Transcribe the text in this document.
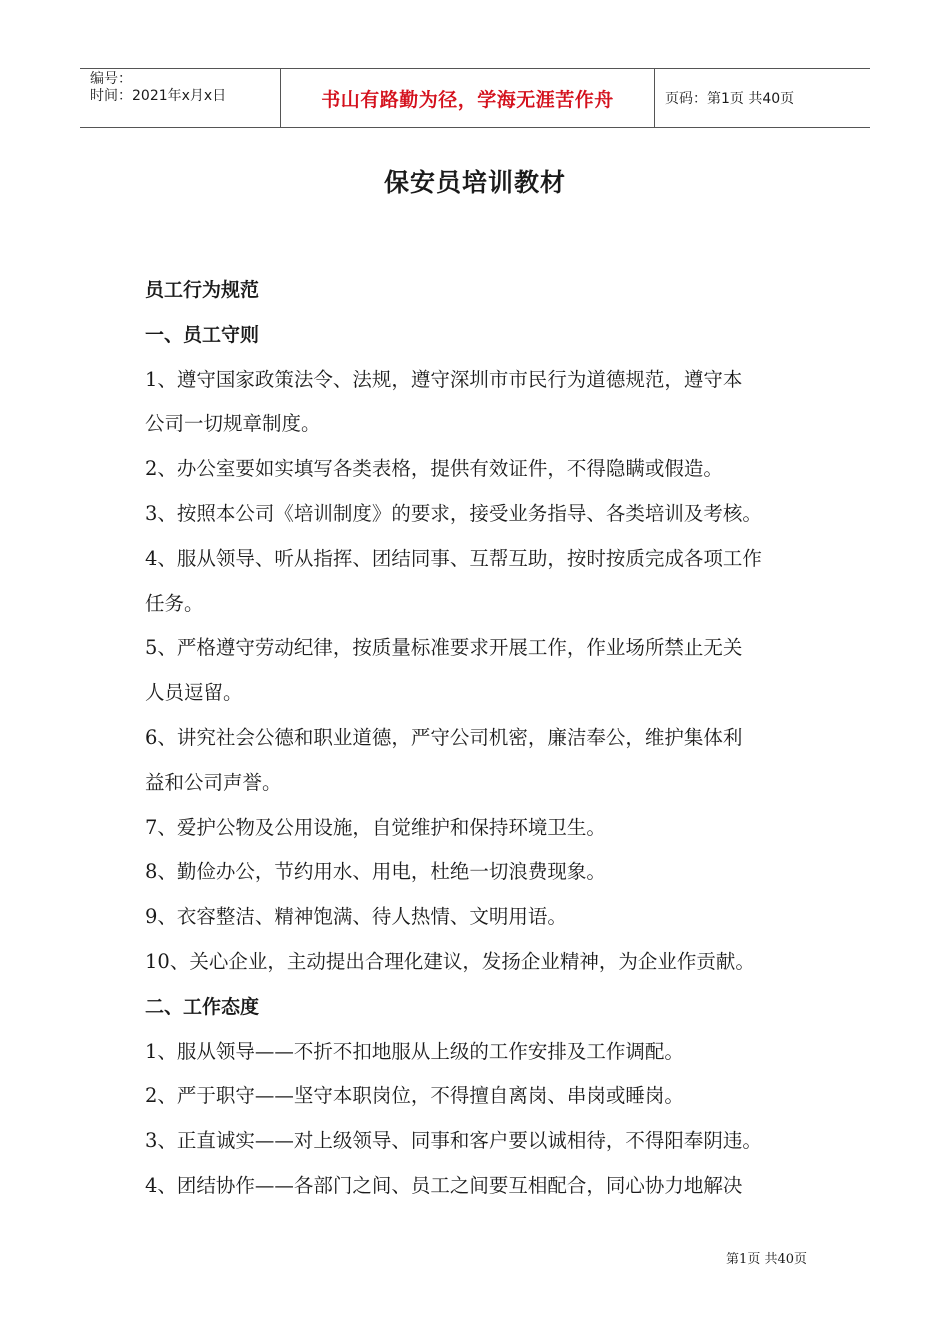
编号：
时间：2021年x月x日	书山有路勤为径，学海无涯苦作舟	页码：第1页 共40页
保安员培训教材
员工行为规范
一、员工守则
1、遵守国家政策法令、法规，遵守深圳市市民行为道德规范，遵守本
公司一切规章制度。
2、办公室要如实填写各类表格，提供有效证件，不得隐瞒或假造。
3、按照本公司《培训制度》的要求，接受业务指导、各类培训及考核。
4、服从领导、听从指挥、团结同事、互帮互助，按时按质完成各项工作
任务。
5、严格遵守劳动纪律，按质量标准要求开展工作，作业场所禁止无关
人员逗留。
6、讲究社会公德和职业道德，严守公司机密，廉洁奉公，维护集体利
益和公司声誉。
7、爱护公物及公用设施，自觉维护和保持环境卫生。
8、勤俭办公，节约用水、用电，杜绝一切浪费现象。
9、衣容整洁、精神饱满、待人热情、文明用语。
10、关心企业，主动提出合理化建议，发扬企业精神，为企业作贡献。
二、工作态度
1、服从领导——不折不扣地服从上级的工作安排及工作调配。
2、严于职守——坚守本职岗位，不得擅自离岗、串岗或睡岗。
3、正直诚实——对上级领导、同事和客户要以诚相待，不得阳奉阴违。
4、团结协作——各部门之间、员工之间要互相配合，同心协力地解决
第1页 共40页
